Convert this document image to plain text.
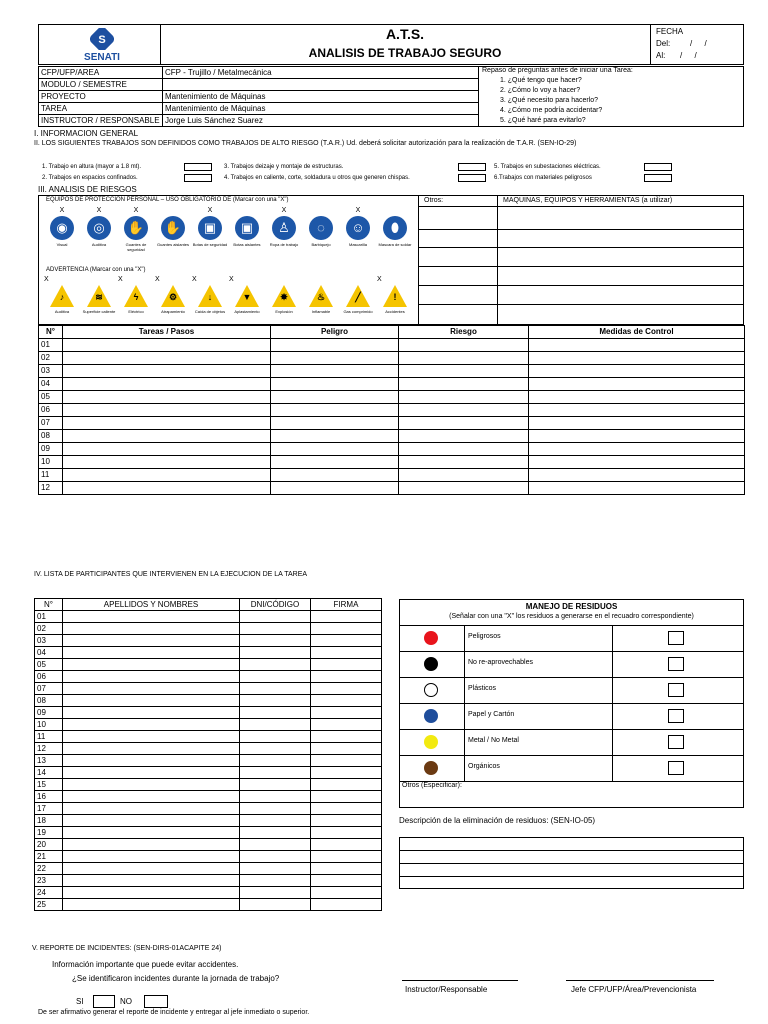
S
SENATI
A.T.S.
ANALISIS DE TRABAJO SEGURO
FECHA
Del: / /
Al: / /
CFP/UFP/AREA	CFP - Trujillo / Metalmecánica
MODULO / SEMESTRE	
PROYECTO	Mantenimiento de Máquinas
TAREA	Mantenimiento de Máquinas
INSTRUCTOR / RESPONSABLE	Jorge Luis Sánchez Suarez
Repaso de preguntas antes de iniciar una Tarea:
1. ¿Qué tengo que hacer?
2. ¿Cómo lo voy a hacer?
3. ¿Qué necesito para hacerlo?
4. ¿Cómo me podría accidentar?
5. ¿Qué haré para evitarlo?
I. INFORMACION GENERAL
II. LOS SIGUIENTES TRABAJOS SON DEFINIDOS COMO TRABAJOS DE ALTO RIESGO (T.A.R.) Ud. deberá solicitar autorización para la realización de T.A.R. (SEN-IO-29)
1. Trabajo en altura (mayor a 1.8 mt).
2. Trabajos en espacios confinados.
3. Trabajos deizaje y montaje de estructuras.
4. Trabajos en caliente, corte, soldadura u otros que generen chispas.
5. Trabajos en subestaciones eléctricas.
6.Trabajos con materiales peligrosos
III. ANALISIS DE RIESGOS
EQUIPOS DE PROTECCION PERSONAL – USO OBLIGATORIO DE (Marcar con una "X")	Otros:	MAQUINAS, EQUIPOS Y HERRAMIENTAS (a utilizar)
X
◉
Visual
X
◎
Auditiva
X
✋
Guantes de seguridad
✋
Guantes aislantes
X
▣
Botas de seguridad
▣
Botas aislantes
X
♙
Ropa de trabajo
◌
Barbiquejo
X
☺
Mascarilla
⬮
Mascara de soldar
ADVERTENCIA (Marcar con una "X")
X
♪
Auditiva
≋
Superficie caliente
X
ϟ
Eléctrico
X
⚙
Atrapamiento
X
↓
Caída de objetos
X
▼
Aplastamiento
✸
Explosión
♨
Inflamable
╱
Gas comprimido
X
!
Accidentes
N°	Tareas / Pasos	Peligro	Riesgo	Medidas de Control
01				
02				
03				
04				
05				
06				
07				
08				
09				
10				
11				
12				
IV. LISTA DE PARTICIPANTES QUE INTERVIENEN EN LA EJECUCION DE LA TAREA
N°	APELLIDOS Y NOMBRES	DNI/CÓDIGO	FIRMA
01			
02			
03			
04			
05			
06			
07			
08			
09			
10			
11			
12			
13			
14			
15			
16			
17			
18			
19			
20			
21			
22			
23			
24			
25			
MANEJO DE RESIDUOS
(Señalar con una "X" los residuos a generarse en el recuadro correspondiente)
Peligrosos
No re-aprovechables
Plásticos
Papel y Cartón
Metal / No Metal
Orgánicos
Otros (Especificar):
Descripción de la eliminación de residuos: (SEN-IO-05)
V. REPORTE DE INCIDENTES: (SEN-DIRS-01ACAPITE 24)
Información importante que puede evitar accidentes.
¿Se identificaron incidentes durante la jornada de trabajo?
SI	NO
De ser afirmativo generar el reporte de incidente y entregar al jefe inmediato o superior.
Instructor/Responsable	Jefe CFP/UFP/Área/Prevencionista
